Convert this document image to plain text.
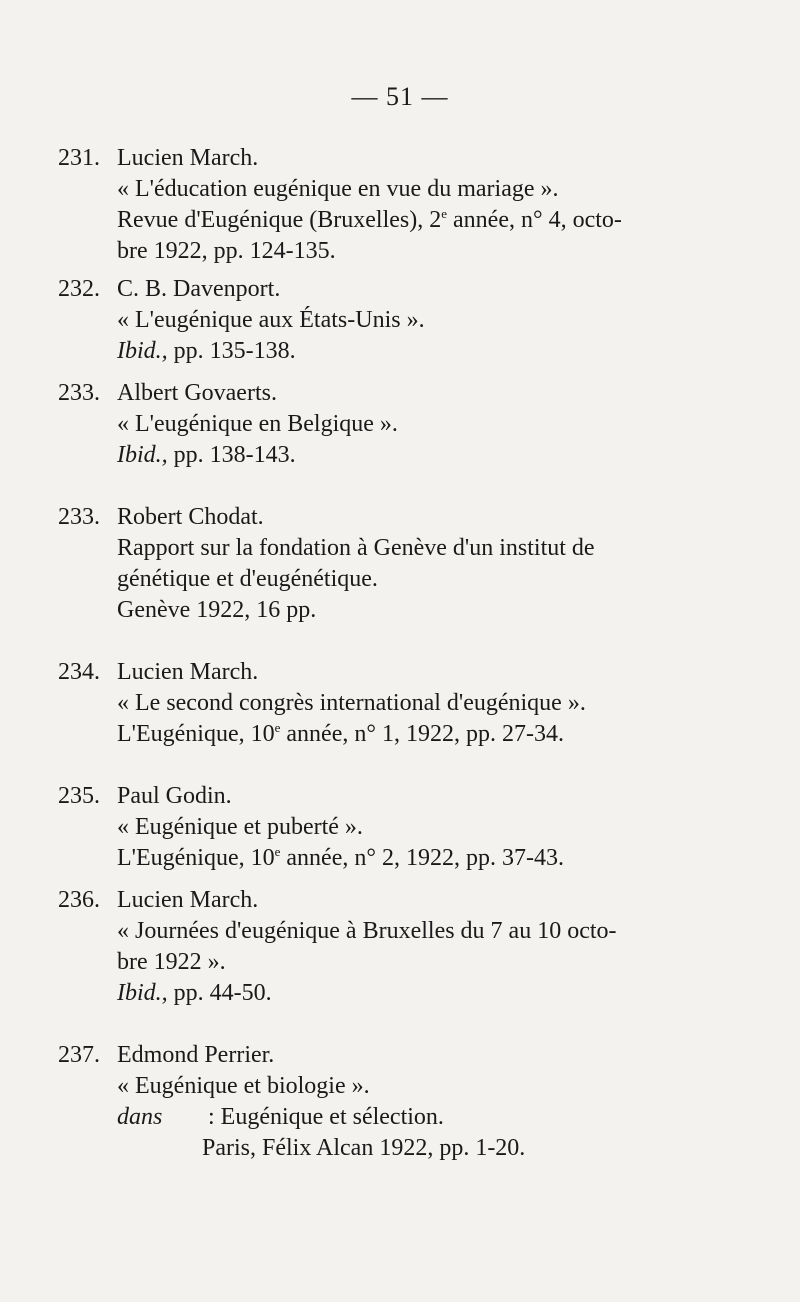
— 51 —
231. Lucien March.
« L'éducation eugénique en vue du mariage ».
Revue d'Eugénique (Bruxelles), 2e année, n° 4, octo-
bre 1922, pp. 124-135.
232. C. B. Davenport.
« L'eugénique aux États-Unis ».
Ibid., pp. 135-138.
233. Albert Govaerts.
« L'eugénique en Belgique ».
Ibid., pp. 138-143.
233. Robert Chodat.
Rapport sur la fondation à Genève d'un institut de
génétique et d'eugénétique.
Genève 1922, 16 pp.
234. Lucien March.
« Le second congrès international d'eugénique ».
L'Eugénique, 10e année, n° 1, 1922, pp. 27-34.
235. Paul Godin.
« Eugénique et puberté ».
L'Eugénique, 10e année, n° 2, 1922, pp. 37-43.
236. Lucien March.
« Journées d'eugénique à Bruxelles du 7 au 10 octo-
bre 1922 ».
Ibid., pp. 44-50.
237. Edmond Perrier.
« Eugénique et biologie ».
dans : Eugénique et sélection.
Paris, Félix Alcan 1922, pp. 1-20.
